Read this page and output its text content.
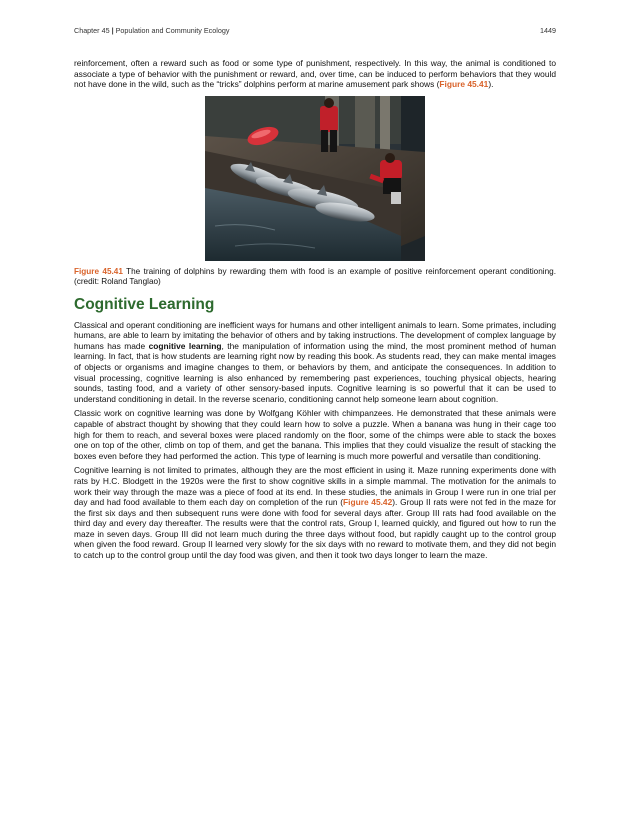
Chapter 45 | Population and Community Ecology	1449

reinforcement, often a reward such as food or some type of punishment, respectively. In this way, the animal is conditioned to associate a type of behavior with the punishment or reward, and, over time, can be induced to perform behaviors that they would not have done in the wild, such as the “tricks” dolphins perform at marine amusement park shows (Figure 45.41).

Figure 45.41 The training of dolphins by rewarding them with food is an example of positive reinforcement operant conditioning. (credit: Roland Tanglao)

Cognitive Learning

Classical and operant conditioning are inefficient ways for humans and other intelligent animals to learn. Some primates, including humans, are able to learn by imitating the behavior of others and by taking instructions. The development of complex language by humans has made cognitive learning, the manipulation of information using the mind, the most prominent method of human learning. In fact, that is how students are learning right now by reading this book. As students read, they can make mental images of objects or organisms and imagine changes to them, or behaviors by them, and anticipate the consequences. In addition to visual processing, cognitive learning is also enhanced by remembering past experiences, touching physical objects, hearing sounds, tasting food, and a variety of other sensory-based inputs. Cognitive learning is so powerful that it can be used to understand conditioning in detail. In the reverse scenario, conditioning cannot help someone learn about cognition.

Classic work on cognitive learning was done by Wolfgang Köhler with chimpanzees. He demonstrated that these animals were capable of abstract thought by showing that they could learn how to solve a puzzle. When a banana was hung in their cage too high for them to reach, and several boxes were placed randomly on the floor, some of the chimps were able to stack the boxes one on top of the other, climb on top of them, and get the banana. This implies that they could visualize the result of stacking the boxes even before they had performed the action. This type of learning is much more powerful and versatile than conditioning.

Cognitive learning is not limited to primates, although they are the most efficient in using it. Maze running experiments done with rats by H.C. Blodgett in the 1920s were the first to show cognitive skills in a simple mammal. The motivation for the animals to work their way through the maze was a piece of food at its end. In these studies, the animals in Group I were run in one trial per day and had food available to them each day on completion of the run (Figure 45.42). Group II rats were not fed in the maze for the first six days and then subsequent runs were done with food for several days after. Group III rats had food available on the third day and every day thereafter. The results were that the control rats, Group I, learned quickly, and figured out how to run the maze in seven days. Group III did not learn much during the three days without food, but rapidly caught up to the control group when given the food reward. Group II learned very slowly for the six days with no reward to motivate them, and they did not begin to catch up to the control group until the day food was given, and then it took two days longer to learn the maze.
